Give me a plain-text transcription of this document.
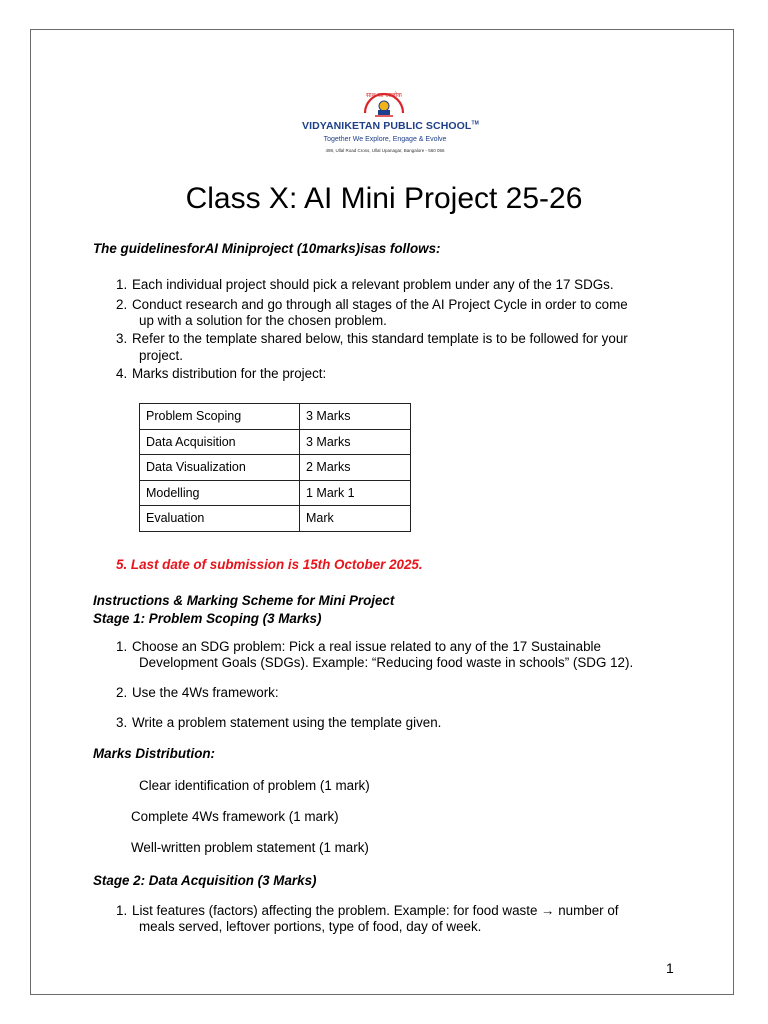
साथ का आलोक
VIDYANIKETAN PUBLIC SCHOOL™
Together We Explore, Engage & Evolve
498, Ullal Road Cross, Ullal Upanagar, Bangalore - 560 056
Class X: AI Mini Project 25-26
The guidelinesforAI Miniproject (10marks)isas follows:
1. Each individual project should pick a relevant problem under any of the 17 SDGs.
2. Conduct research and go through all stages of the AI Project Cycle in order to come
up with a solution for the chosen problem.
3. Refer to the template shared below, this standard template is to be followed for your
project.
4. Marks distribution for the project:
Problem Scoping	3 Marks
Data Acquisition	3 Marks
Data Visualization	2 Marks
Modelling	1 Mark 1
Evaluation	Mark
5. Last date of submission is 15th October 2025.
Instructions & Marking Scheme for Mini Project
Stage 1: Problem Scoping (3 Marks)
1. Choose an SDG problem: Pick a real issue related to any of the 17 Sustainable
Development Goals (SDGs). Example: “Reducing food waste in schools” (SDG 12).
2. Use the 4Ws framework:
3. Write a problem statement using the template given.
Marks Distribution:
Clear identification of problem (1 mark)
Complete 4Ws framework (1 mark)
Well-written problem statement (1 mark)
Stage 2: Data Acquisition (3 Marks)
1. List features (factors) affecting the problem. Example: for food waste → number of
meals served, leftover portions, type of food, day of week.
1
